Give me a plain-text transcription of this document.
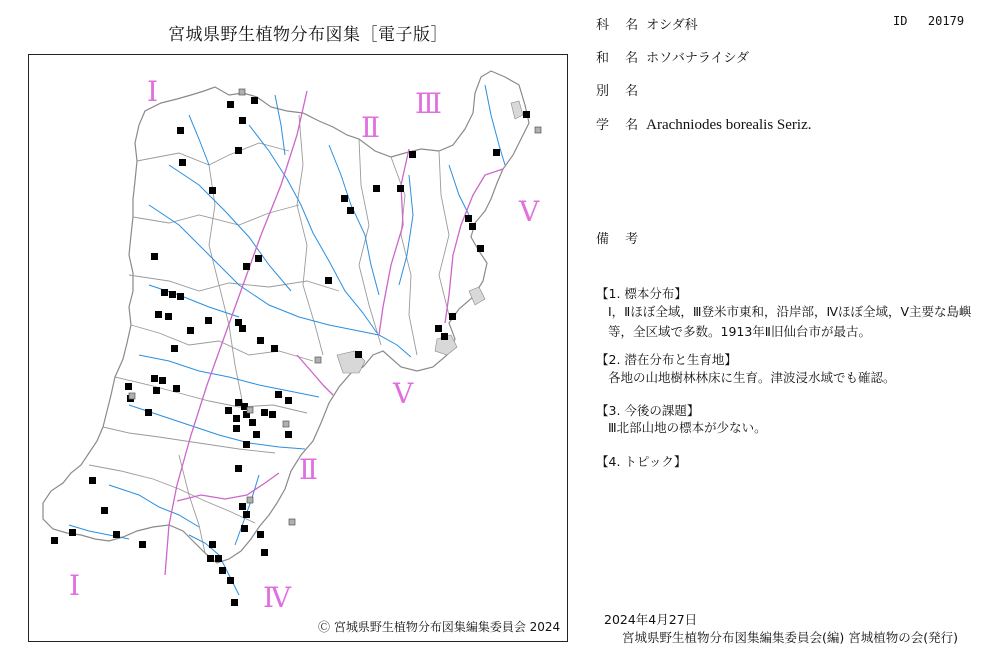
宮城県野生植物分布図集［電子版］
Ⅰ
Ⅱ
Ⅲ
Ⅴ
Ⅴ
Ⅱ
Ⅰ	Ⅳ
Ⓒ 宮城県野生植物分布図集編集委員会 2024
ID 20179
科 名 オシダ科
和 名 ホソバナライシダ
別 名
学 名 Arachniodes borealis Seriz.
備 考
【1. 標本分布】
Ⅰ，Ⅱほぼ全域，Ⅲ登米市東和，沿岸部，Ⅳほぼ全域，Ⅴ主要な島嶼等，全区域で多数。1913年Ⅱ旧仙台市が最古。
【2. 潜在分布と生育地】
各地の山地樹林林床に生育。津波浸水域でも確認。
【3. 今後の課題】
Ⅲ北部山地の標本が少ない。
【4. トピック】
2024年4月27日
宮城県野生植物分布図集編集委員会(編) 宮城植物の会(発行)
